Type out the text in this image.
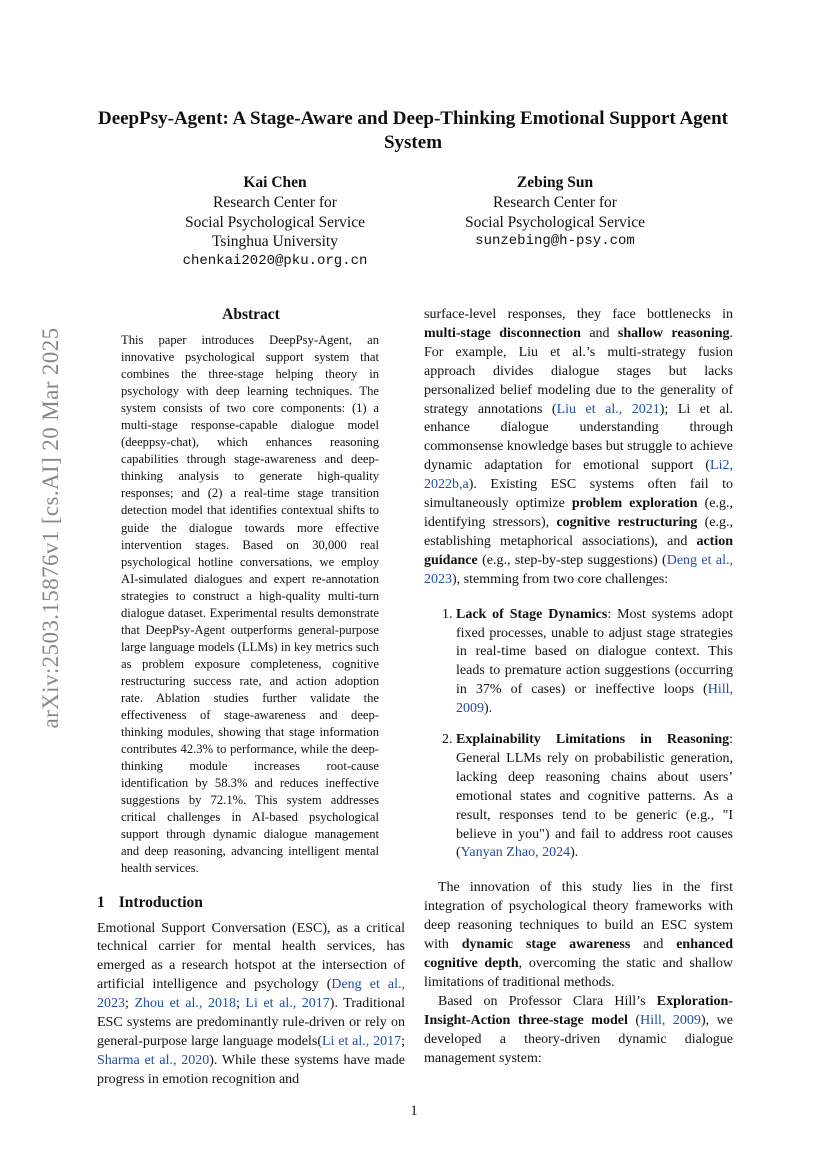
arXiv:2503.15876v1 [cs.AI] 20 Mar 2025
DeepPsy-Agent: A Stage-Aware and Deep-Thinking Emotional Support Agent System
Kai Chen
Research Center for
Social Psychological Service
Tsinghua University
chenkai2020@pku.org.cn
Zebing Sun
Research Center for
Social Psychological Service
sunzebing@h-psy.com
Abstract

This paper introduces DeepPsy-Agent, an innovative psychological support system that combines the three-stage helping theory in psychology with deep learning techniques. The system consists of two core components: (1) a multi-stage response-capable dialogue model (deeppsy-chat), which enhances reasoning capabilities through stage-awareness and deep-thinking analysis to generate high-quality responses; and (2) a real-time stage transition detection model that identifies contextual shifts to guide the dialogue towards more effective intervention stages. Based on 30,000 real psychological hotline conversations, we employ AI-simulated dialogues and expert re-annotation strategies to construct a high-quality multi-turn dialogue dataset. Experimental results demonstrate that DeepPsy-Agent outperforms general-purpose large language models (LLMs) in key metrics such as problem exposure completeness, cognitive restructuring success rate, and action adoption rate. Ablation studies further validate the effectiveness of stage-awareness and deep-thinking modules, showing that stage information contributes 42.3% to performance, while the deep-thinking module increases root-cause identification by 58.3% and reduces ineffective suggestions by 72.1%. This system addresses critical challenges in AI-based psychological support through dynamic dialogue management and deep reasoning, advancing intelligent mental health services.

1 Introduction

Emotional Support Conversation (ESC), as a critical technical carrier for mental health services, has emerged as a research hotspot at the intersection of artificial intelligence and psychology (Deng et al., 2023; Zhou et al., 2018; Li et al., 2017). Traditional ESC systems are predominantly rule-driven or rely on general-purpose large language models(Li et al., 2017; Sharma et al., 2020). While these systems have made progress in emotion recognition and

surface-level responses, they face bottlenecks in multi-stage disconnection and shallow reasoning. For example, Liu et al.’s multi-strategy fusion approach divides dialogue stages but lacks personalized belief modeling due to the generality of strategy annotations (Liu et al., 2021); Li et al. enhance dialogue understanding through commonsense knowledge bases but struggle to achieve dynamic adaptation for emotional support (Li2, 2022b,a). Existing ESC systems often fail to simultaneously optimize problem exploration (e.g., identifying stressors), cognitive restructuring (e.g., establishing metaphorical associations), and action guidance (e.g., step-by-step suggestions) (Deng et al., 2023), stemming from two core challenges:

1. Lack of Stage Dynamics: Most systems adopt fixed processes, unable to adjust stage strategies in real-time based on dialogue context. This leads to premature action suggestions (occurring in 37% of cases) or ineffective loops (Hill, 2009).
2. Explainability Limitations in Reasoning: General LLMs rely on probabilistic generation, lacking deep reasoning chains about users’ emotional states and cognitive patterns. As a result, responses tend to be generic (e.g., "I believe in you") and fail to address root causes (Yanyan Zhao, 2024).

The innovation of this study lies in the first integration of psychological theory frameworks with deep reasoning techniques to build an ESC system with dynamic stage awareness and enhanced cognitive depth, overcoming the static and shallow limitations of traditional methods.

Based on Professor Clara Hill’s Exploration-Insight-Action three-stage model (Hill, 2009), we developed a theory-driven dynamic dialogue management system:

1
